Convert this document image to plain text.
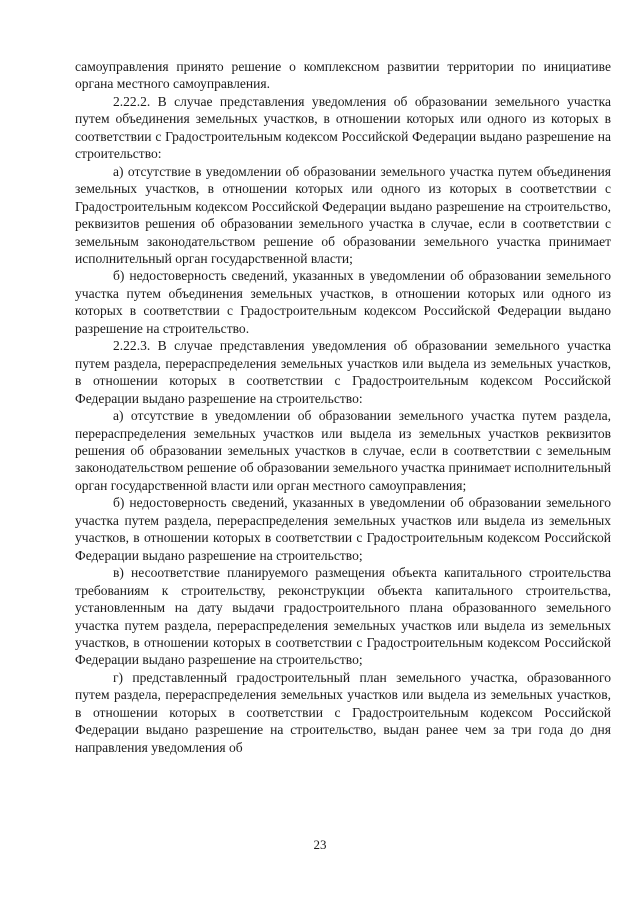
самоуправления принято решение о комплексном развитии территории по инициативе органа местного самоуправления.

2.22.2. В случае представления уведомления об образовании земельного участка путем объединения земельных участков, в отношении которых или одного из которых в соответствии с Градостроительным кодексом Российской Федерации выдано разрешение на строительство:

а) отсутствие в уведомлении об образовании земельного участка путем объединения земельных участков, в отношении которых или одного из которых в соответствии с Градостроительным кодексом Российской Федерации выдано разрешение на строительство, реквизитов решения об образовании земельного участка в случае, если в соответствии с земельным законодательством решение об образовании земельного участка принимает исполнительный орган государственной власти;

б) недостоверность сведений, указанных в уведомлении об образовании земельного участка путем объединения земельных участков, в отношении которых или одного из которых в соответствии с Градостроительным кодексом Российской Федерации выдано разрешение на строительство.

2.22.3. В случае представления уведомления об образовании земельного участка путем раздела, перераспределения земельных участков или выдела из земельных участков, в отношении которых в соответствии с Градостроительным кодексом Российской Федерации выдано разрешение на строительство:

а) отсутствие в уведомлении об образовании земельного участка путем раздела, перераспределения земельных участков или выдела из земельных участков реквизитов решения об образовании земельных участков в случае, если в соответствии с земельным законодательством решение об образовании земельного участка принимает исполнительный орган государственной власти или орган местного самоуправления;

б) недостоверность сведений, указанных в уведомлении об образовании земельного участка путем раздела, перераспределения земельных участков или выдела из земельных участков, в отношении которых в соответствии с Градостроительным кодексом Российской Федерации выдано разрешение на строительство;

в) несоответствие планируемого размещения объекта капитального строительства требованиям к строительству, реконструкции объекта капитального строительства, установленным на дату выдачи градостроительного плана образованного земельного участка путем раздела, перераспределения земельных участков или выдела из земельных участков, в отношении которых в соответствии с Градостроительным кодексом Российской Федерации выдано разрешение на строительство;

г) представленный градостроительный план земельного участка, образованного путем раздела, перераспределения земельных участков или выдела из земельных участков, в отношении которых в соответствии с Градостроительным кодексом Российской Федерации выдано разрешение на строительство, выдан ранее чем за три года до дня направления уведомления об

23
